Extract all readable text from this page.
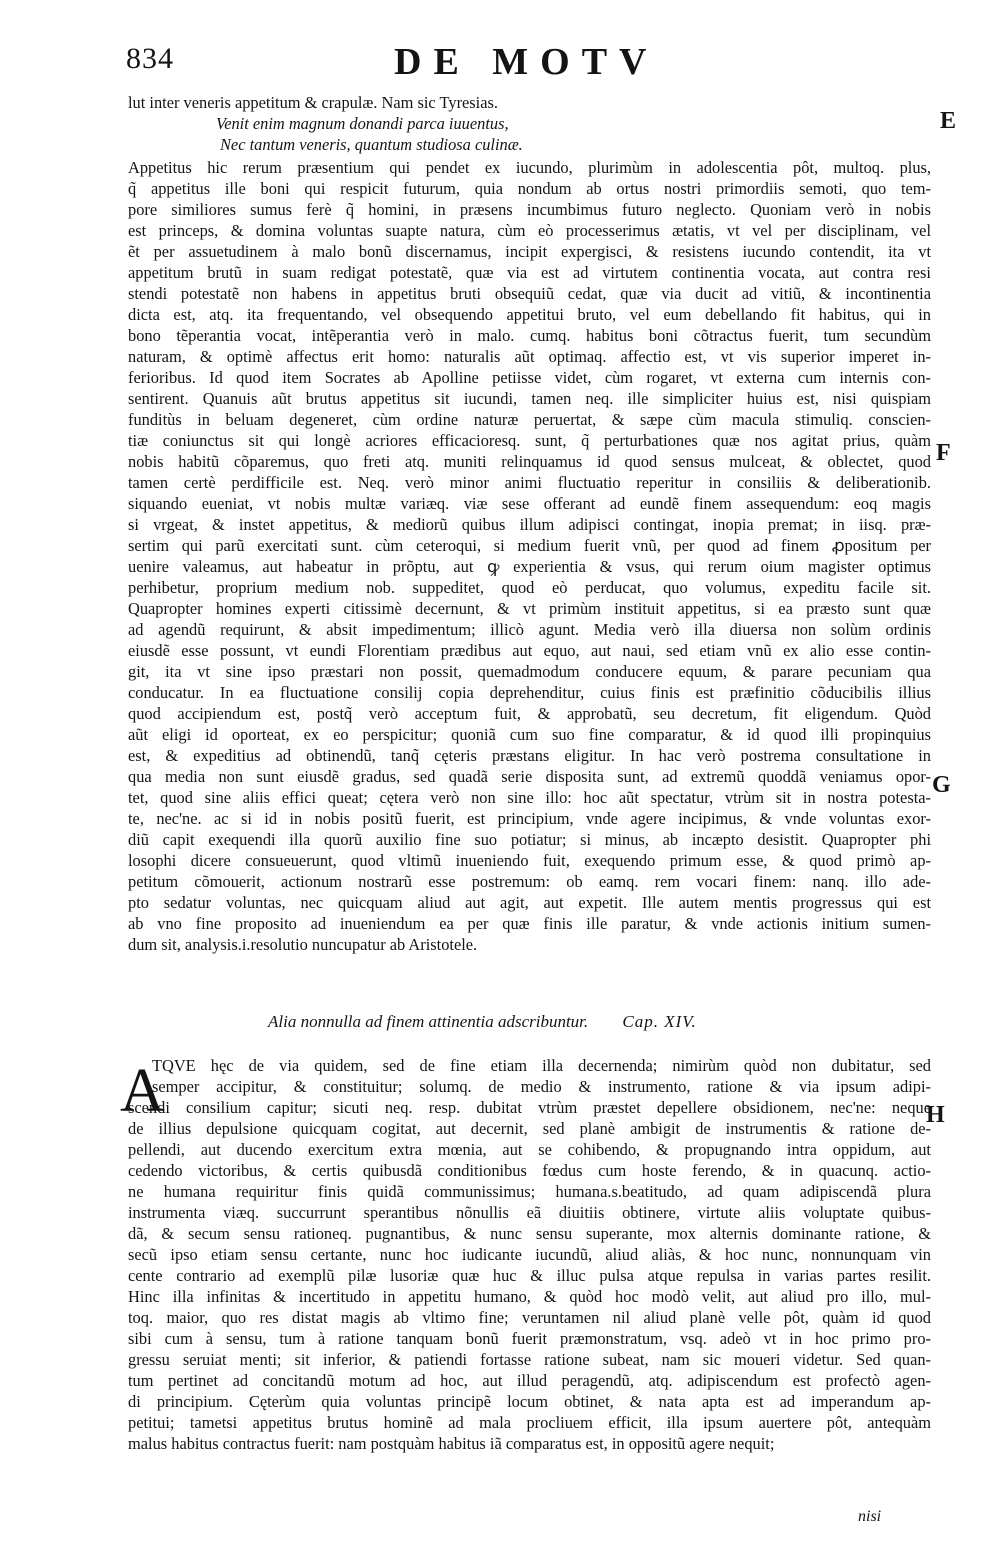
834	DE MOTV
E
F
G
H
lut inter veneris appetitum & crapulæ. Nam sic Tyresias.
Venit enim magnum donandi parca iuuentus,
Nec tantum veneris, quantum studiosa culinæ.
Appetitus hic rerum præsentium qui pendet ex iucundo, plurimùm in adolescentia pôt, multoq. plus,
q̃ appetitus ille boni qui respicit futurum, quia nondum ab ortus nostri primordiis semoti, quo tem-
pore similiores sumus ferè q̃ homini, in præsens incumbimus futuro neglecto. Quoniam verò in nobis
est princeps, & domina voluntas suapte natura, cùm eò processerimus ætatis, vt vel per disciplinam, vel
ẽt per assuetudinem à malo bonũ discernamus, incipit expergisci, & resistens iucundo contendit, ita vt
appetitum brutũ in suam redigat potestatẽ, quæ via est ad virtutem continentia vocata, aut contra resi
stendi potestatẽ non habens in appetitus bruti obsequiũ cedat, quæ via ducit ad vitiũ, & incontinentia
dicta est, atq. ita frequentando, vel obsequendo appetitui bruto, vel eum debellando fit habitus, qui in
bono tẽperantia vocat, intẽperantia verò in malo. cumq. habitus boni cõtractus fuerit, tum secundùm
naturam, & optimè affectus erit homo: naturalis aũt optimaq. affectio est, vt vis superior imperet in-
ferioribus. Id quod item Socrates ab Apolline petiisse videt, cùm rogaret, vt externa cum internis con-
sentirent. Quanuis aũt brutus appetitus sit iucundi, tamen neq. ille simpliciter huius est, nisi quispiam
funditùs in beluam degeneret, cùm ordine naturæ peruertat, & sæpe cùm macula stimuliq. conscien-
tiæ coniunctus sit qui longè acriores efficacioresq. sunt, q̃ perturbationes quæ nos agitat prius, quàm
nobis habitũ cõparemus, quo freti atq. muniti relinquamus id quod sensus mulceat, & oblectet, quod
tamen certè perdifficile est. Neq. verò minor animi fluctuatio reperitur in consiliis & deliberationib.
siquando eueniat, vt nobis multæ variæq. viæ sese offerant ad eundẽ finem assequendum: eoq magis
si vrgeat, & instet appetitus, & mediorũ quibus illum adipisci contingat, inopia premat; in iisq. præ-
sertim qui parũ exercitati sunt. cùm ceteroqui, si medium fuerit vnũ, per quod ad finem ꝓpositum per
uenire valeamus, aut habeatur in prõptu, aut ꝙ experientia & vsus, qui rerum oium magister optimus
perhibetur, proprium medium nob. suppeditet, quod eò perducat, quo volumus, expeditu facile sit.
Quapropter homines experti citissimè decernunt, & vt primùm instituit appetitus, si ea præsto sunt quæ
ad agendũ requirunt, & absit impedimentum; illicò agunt. Media verò illa diuersa non solùm ordinis
eiusdẽ esse possunt, vt eundi Florentiam prædibus aut equo, aut naui, sed etiam vnũ ex alio esse contin-
git, ita vt sine ipso præstari non possit, quemadmodum conducere equum, & parare pecuniam qua
conducatur. In ea fluctuatione consilij copia deprehenditur, cuius finis est præfinitio cõducibilis illius
quod accipiendum est, postq̃ verò acceptum fuit, & approbatũ, seu decretum, fit eligendum. Quòd
aũt eligi id oporteat, ex eo perspicitur; quoniã cum suo fine comparatur, & id quod illi propinquius
est, & expeditius ad obtinendũ, tanq̃ cęteris præstans eligitur. In hac verò postrema consultatione in
qua media non sunt eiusdẽ gradus, sed quadã serie disposita sunt, ad extremũ quoddã veniamus opor-
tet, quod sine aliis effici queat; cętera verò non sine illo: hoc aũt spectatur, vtrùm sit in nostra potesta-
te, nec'ne. ac si id in nobis positũ fuerit, est principium, vnde agere incipimus, & vnde voluntas exor-
diũ capit exequendi illa quorũ auxilio fine suo potiatur; si minus, ab incæpto desistit. Quapropter phi
losophi dicere consueuerunt, quod vltimũ inueniendo fuit, exequendo primum esse, & quod primò ap-
petitum cõmouerit, actionum nostrarũ esse postremum: ob eamq. rem vocari finem: nanq. illo ade-
pto sedatur voluntas, nec quicquam aliud aut agit, aut expetit. Ille autem mentis progressus qui est
ab vno fine proposito ad inueniendum ea per quæ finis ille paratur, & vnde actionis initium sumen-
dum sit, analysis.i.resolutio nuncupatur ab Aristotele.
Alia nonnulla ad finem attinentia adscribuntur. Cap. XIV.
A
TQVE hęc de via quidem, sed de fine etiam illa decernenda; nimirùm quòd non dubitatur, sed
semper accipitur, & constituitur; solumq. de medio & instrumento, ratione & via ipsum adipi-
scendi consilium capitur; sicuti neq. resp. dubitat vtrùm præstet depellere obsidionem, nec'ne: neque
de illius depulsione quicquam cogitat, aut decernit, sed planè ambigit de instrumentis & ratione de-
pellendi, aut ducendo exercitum extra mœnia, aut se cohibendo, & propugnando intra oppidum, aut
cedendo victoribus, & certis quibusdã conditionibus fœdus cum hoste ferendo, & in quacunq. actio-
ne humana requiritur finis quidã communissimus; humana.s.beatitudo, ad quam adipiscendã plura
instrumenta viæq. succurrunt sperantibus nõnullis eã diuitiis obtinere, virtute aliis voluptate quibus-
dã, & secum sensu rationeq. pugnantibus, & nunc sensu superante, mox alternis dominante ratione, &
secũ ipso etiam sensu certante, nunc hoc iudicante iucundũ, aliud aliàs, & hoc nunc, nonnunquam vin
cente contrario ad exemplũ pilæ lusoriæ quæ huc & illuc pulsa atque repulsa in varias partes resilit.
Hinc illa infinitas & incertitudo in appetitu humano, & quòd hoc modò velit, aut aliud pro illo, mul-
toq. maior, quo res distat magis ab vltimo fine; veruntamen nil aliud planè velle pôt, quàm id quod
sibi cum à sensu, tum à ratione tanquam bonũ fuerit præmonstratum, vsq. adeò vt in hoc primo pro-
gressu seruiat menti; sit inferior, & patiendi fortasse ratione subeat, nam sic moueri videtur. Sed quan-
tum pertinet ad concitandũ motum ad hoc, aut illud peragendũ, atq. adipiscendum est profectò agen-
di principium. Cęterùm quia voluntas principẽ locum obtinet, & nata apta est ad imperandum ap-
petitui; tametsi appetitus brutus hominẽ ad mala procliuem efficit, illa ipsum auertere pôt, antequàm
malus habitus contractus fuerit: nam postquàm habitus iã comparatus est, in oppositũ agere nequit;
nisi
